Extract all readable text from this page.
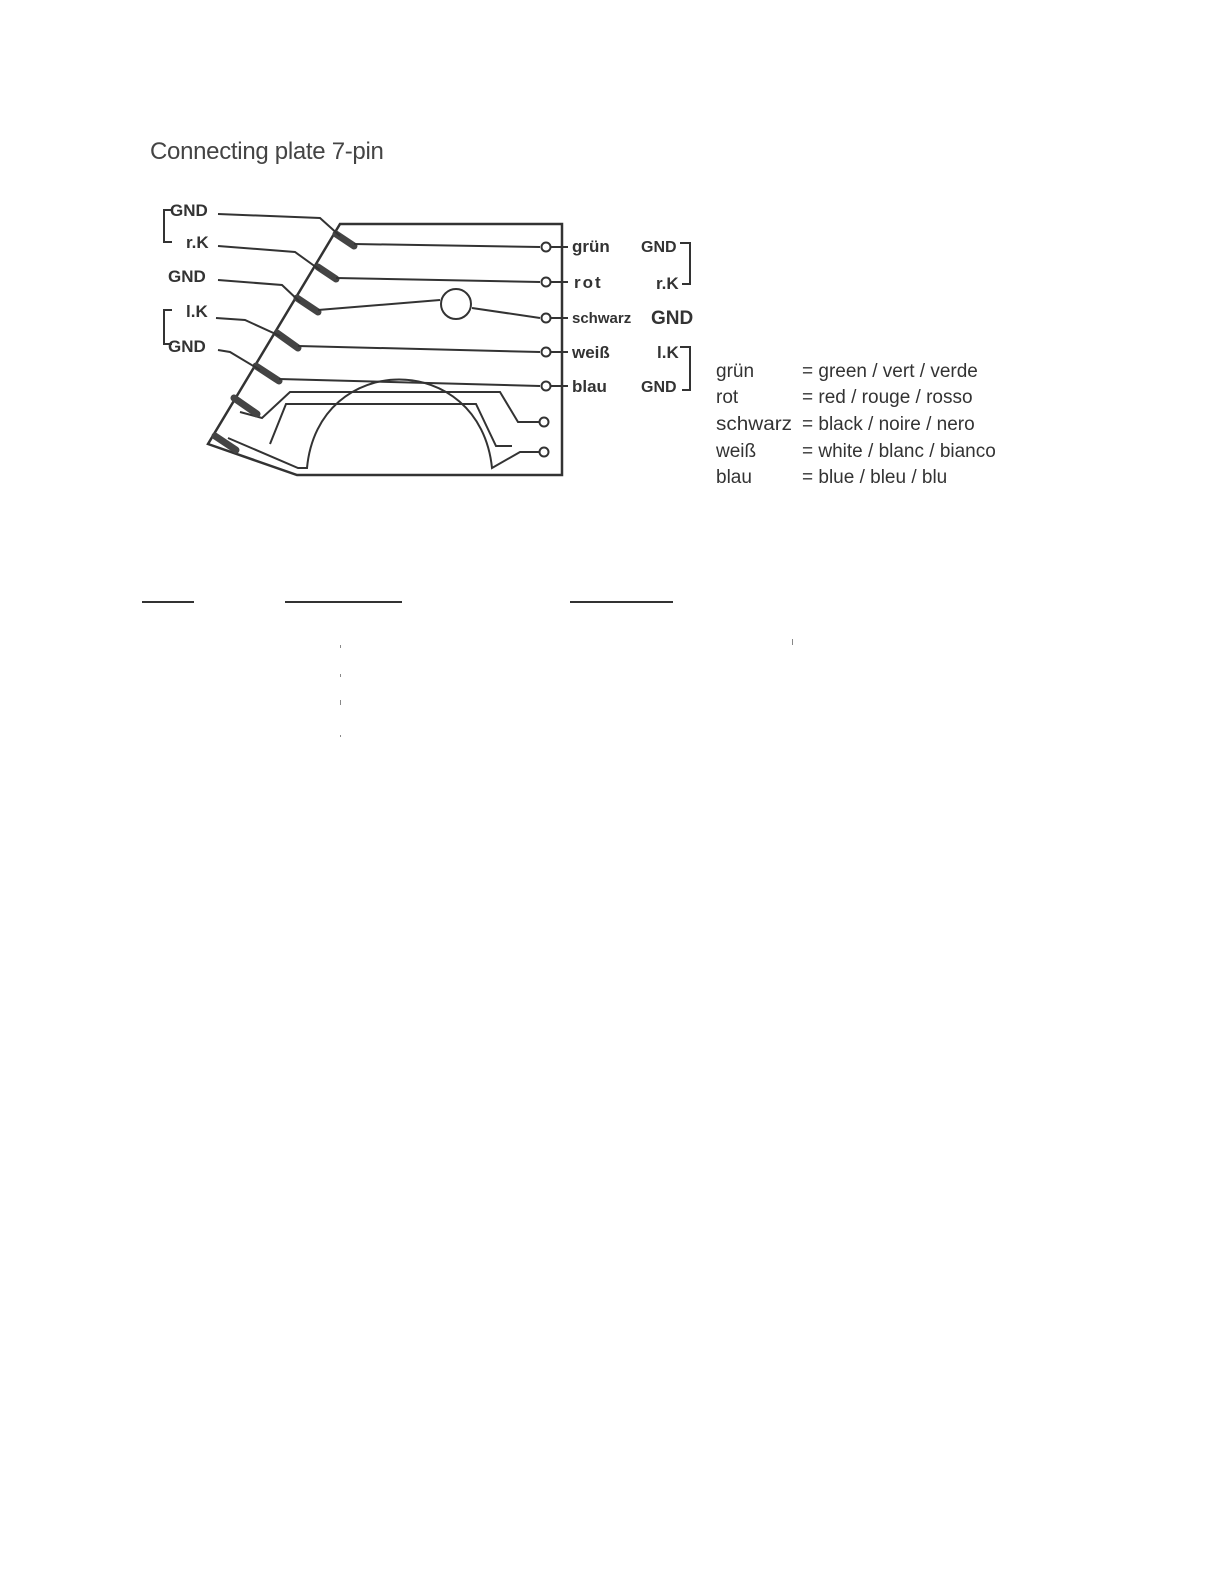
Connecting plate 7-pin
GND
r.K
GND
l.K
GND
grün
rot
schwarz
weiß
blau
GND
r.K
GND
l.K
GND
grün	= green / vert / verde
rot	= red / rouge / rosso
schwarz = black / noire / nero
weiß = white / blanc / bianco
blau	= blue / bleu / blu
